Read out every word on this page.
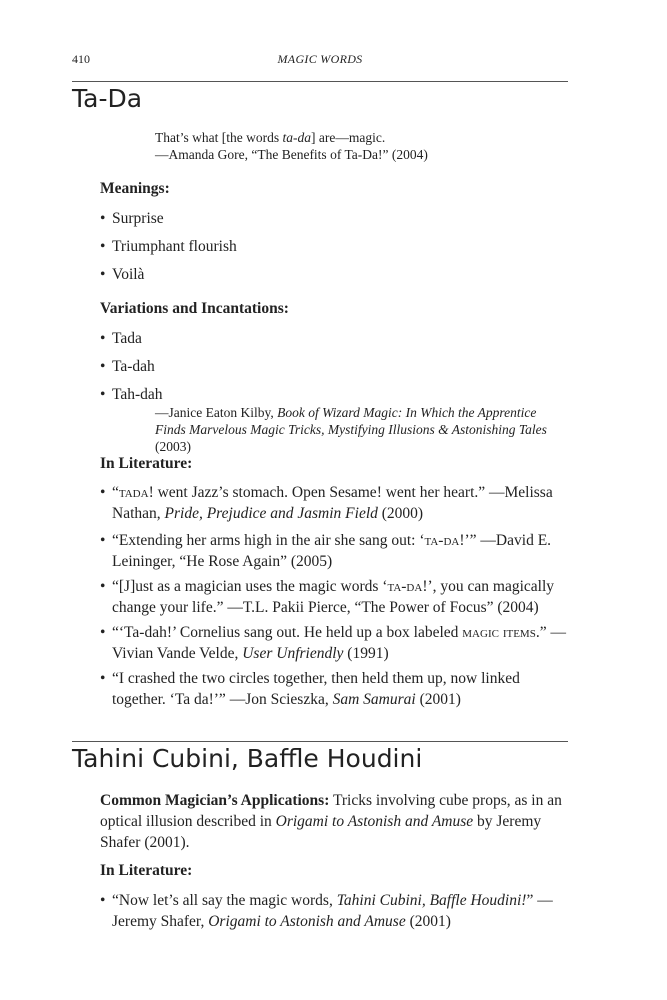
410	MAGIC WORDS
Ta-Da
That’s what [the words ta-da] are—magic.
—Amanda Gore, “The Benefits of Ta-Da!” (2004)
Meanings:
• Surprise
• Triumphant flourish
• Voilà
Variations and Incantations:
• Tada
• Ta-dah
• Tah-dah
—Janice Eaton Kilby, Book of Wizard Magic: In Which the Apprentice Finds Marvelous Magic Tricks, Mystifying Illusions & Astonishing Tales (2003)
In Literature:
• “tada! went Jazz’s stomach. Open Sesame! went her heart.” —Melissa Nathan, Pride, Prejudice and Jasmin Field (2000)
• “Extending her arms high in the air she sang out: ‘ta-da!’” —David E. Leininger, “He Rose Again” (2005)
• “[J]ust as a magician uses the magic words ‘ta-da!’, you can magically change your life.” —T.L. Pakii Pierce, “The Power of Focus” (2004)
• “‘Ta-dah!’ Cornelius sang out. He held up a box labeled magic items.” —Vivian Vande Velde, User Unfriendly (1991)
• “I crashed the two circles together, then held them up, now linked together. ‘Ta da!’” —Jon Scieszka, Sam Samurai (2001)
Tahini Cubini, Baffle Houdini
Common Magician’s Applications: Tricks involving cube props, as in an optical illusion described in Origami to Astonish and Amuse by Jeremy Shafer (2001).
In Literature:
• “Now let’s all say the magic words, Tahini Cubini, Baffle Houdini!” —Jeremy Shafer, Origami to Astonish and Amuse (2001)
